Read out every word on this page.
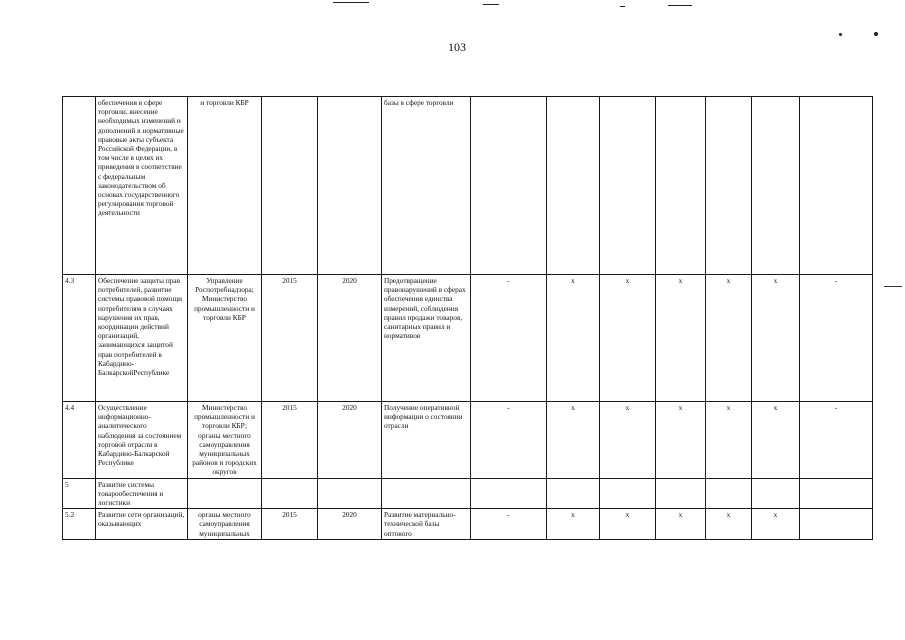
103
	обеспечения в сфере торговли, внесение необходимых изменений и дополнений в нормативные правовые акты субъекта Российской Федерации, в том числе в целях их приведения в соответствие с федеральным законодательством об основах государственного регулирования торговой деятельности	и торговли КБР			базы в сфере торговли							
4.3	Обеспечение защиты прав потребителей, развитие системы правовой помощи потребителям в случаях нарушения их прав, координации действий организаций, занимающихся защитой прав потребителей в Кабардино-БалкарскойРеспублике	Управление Роспотребнадзора; Министерство промышленности и торговли КБР	2015	2020	Предотвращение правонарушений в сферах обеспечения единства измерений, соблюдения правил продажи товаров, санитарных правил и нормативов	-	x	x	x	x	x	-
4.4	Осуществление информационно-аналитического наблюдения за состоянием торговой отрасли в Кабардино-Балкарской Республике	Министерство промышленности и торговли КБР; органы местного самоуправления муниципальных районов и городских округов	2015	2020	Получение оперативной информации о состоянии отрасли	-	x	x	x	x	x	-
5	Развитие системы товарообеспечения и логистики											
5.2	Развитие сети организаций, оказывающих	органы местного самоуправления муниципальных	2015	2020	Развитие материально-технической базы оптового	-	x	x	x	x	x	
